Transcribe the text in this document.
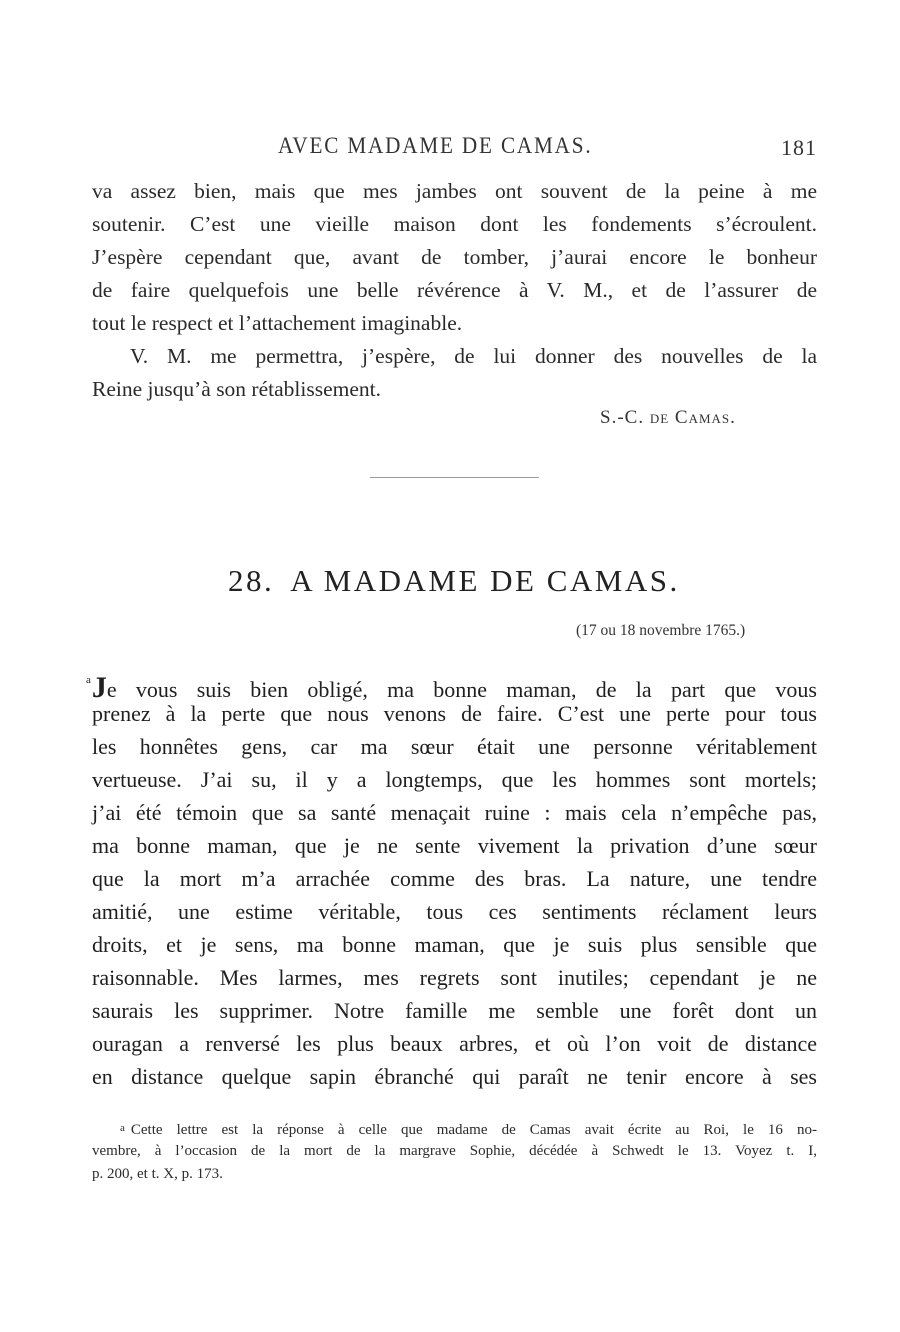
AVEC MADAME DE CAMAS.	181
va assez bien, mais que mes jambes ont souvent de la peine à me
soutenir. C’est une vieille maison dont les fondements s’écroulent.
J’espère cependant que, avant de tomber, j’aurai encore le bonheur
de faire quelquefois une belle révérence à V. M., et de l’assurer de
tout le respect et l’attachement imaginable.
V. M. me permettra, j’espère, de lui donner des nouvelles de la
Reine jusqu’à son rétablissement.
S.-C. de Camas.
28. A MADAME DE CAMAS.
(17 ou 18 novembre 1765.)
$^a$Je vous suis bien obligé, ma bonne maman, de la part que vous
prenez à la perte que nous venons de faire. C’est une perte pour tous
les honnêtes gens, car ma sœur était une personne véritablement
vertueuse. J’ai su, il y a longtemps, que les hommes sont mortels;
j’ai été témoin que sa santé menaçait ruine : mais cela n’empêche pas,
ma bonne maman, que je ne sente vivement la privation d’une sœur
que la mort m’a arrachée comme des bras. La nature, une tendre
amitié, une estime véritable, tous ces sentiments réclament leurs
droits, et je sens, ma bonne maman, que je suis plus sensible que
raisonnable. Mes larmes, mes regrets sont inutiles; cependant je ne
saurais les supprimer. Notre famille me semble une forêt dont un
ouragan a renversé les plus beaux arbres, et où l’on voit de distance
en distance quelque sapin ébranché qui paraît ne tenir encore à ses
$^a$ Cette lettre est la réponse à celle que madame de Camas avait écrite au Roi, le 16 no-
vembre, à l’occasion de la mort de la margrave Sophie, décédée à Schwedt le 13. Voyez t. I,
p. 200, et t. X, p. 173.
